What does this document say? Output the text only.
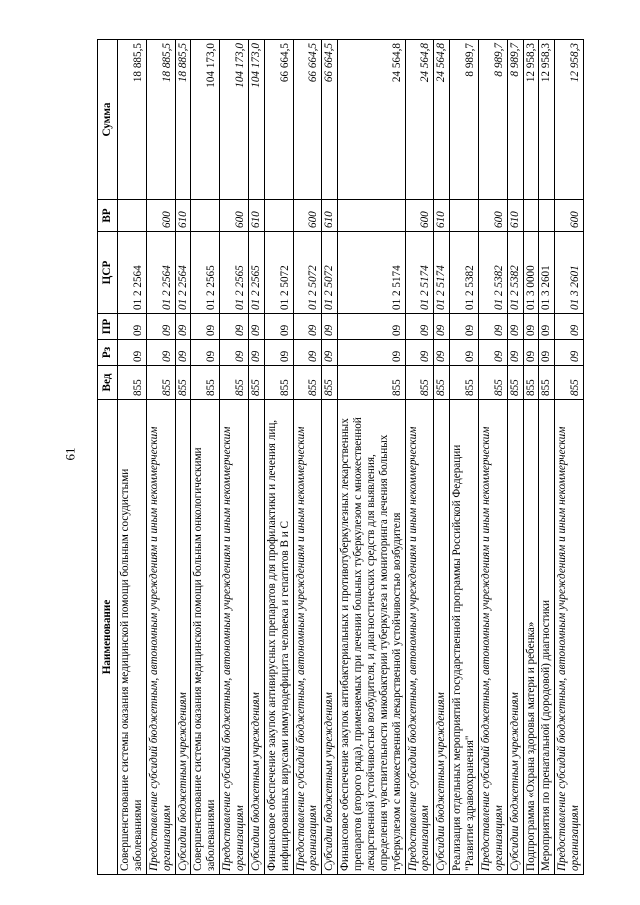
61
Наименование	Вед	Рз	ПР	ЦСР	ВР	Сумма
Совершенствование системы оказания медицинской помощи больным сосудистыми заболеваниями	855	09	09	01 2 2564		18 885,5
Предоставление субсидий бюджетным, автономным учреждениям и иным некоммерческим организациям	855	09	09	01 2 2564	600	18 885,5
Субсидии бюджетным учреждениям	855	09	09	01 2 2564	610	18 885,5
Совершенствование системы оказания медицинской помощи больным онкологическими заболеваниями	855	09	09	01 2 2565		104 173,0
Предоставление субсидий бюджетным, автономным учреждениям и иным некоммерческим организациям	855	09	09	01 2 2565	600	104 173,0
Субсидии бюджетным учреждениям	855	09	09	01 2 2565	610	104 173,0
Финансовое обеспечение закупок антивирусных препаратов для профилактики и лечения лиц, инфицированных вирусами иммунодефицита человека и гепатитов B и C	855	09	09	01 2 5072		66 664,5
Предоставление субсидий бюджетным, автономным учреждениям и иным некоммерческим организациям	855	09	09	01 2 5072	600	66 664,5
Субсидии бюджетным учреждениям	855	09	09	01 2 5072	610	66 664,5
Финансовое обеспечение закупок антибактериальных и противотуберкулезных лекарственных препаратов (второго ряда), применяемых при лечении больных туберкулезом с множественной лекарственной устойчивостью возбудителя, и диагностических средств для выявления, определения чувствительности микобактерии туберкулеза и мониторинга лечения больных туберкулезом с множественной лекарственной устойчивостью возбудителя	855	09	09	01 2 5174		24 564,8
Предоставление субсидий бюджетным, автономным учреждениям и иным некоммерческим организациям	855	09	09	01 2 5174	600	24 564,8
Субсидии бюджетным учреждениям	855	09	09	01 2 5174	610	24 564,8
Реализация отдельных мероприятий государственной программы Российской Федерации "Развитие здравоохранения"	855	09	09	01 2 5382		8 989,7
Предоставление субсидий бюджетным, автономным учреждениям и иным некоммерческим организациям	855	09	09	01 2 5382	600	8 989,7
Субсидии бюджетным учреждениям	855	09	09	01 2 5382	610	8 989,7
Подпрограмма «Охрана здоровья матери и ребенка»	855	09	09	01 3 0000		12 958,3
Мероприятия по пренатальной (дородовой) диагностики	855	09	09	01 3 2601		12 958,3
Предоставление субсидий бюджетным, автономным учреждениям и иным некоммерческим организациям	855	09	09	01 3 2601	600	12 958,3
